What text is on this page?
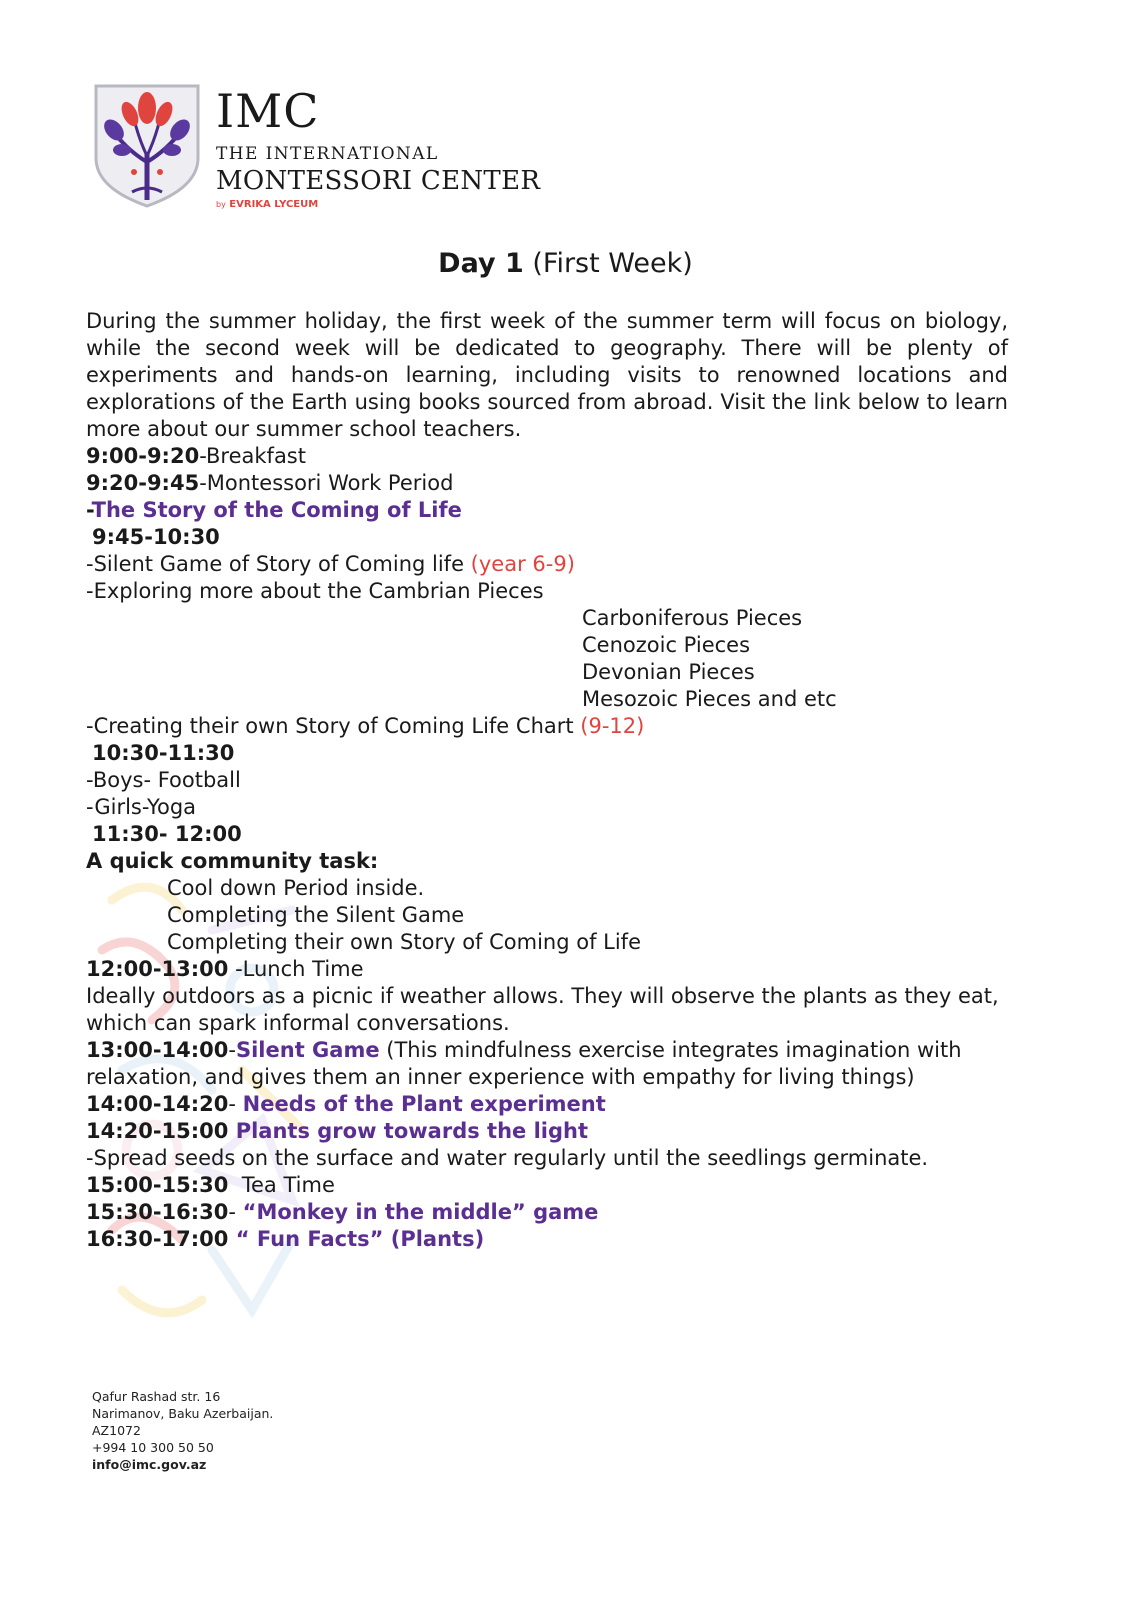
IMC
THE INTERNATIONAL
MONTESSORI CENTER
by EVRIKA LYCEUM
Day 1 (First Week)

During the summer holiday, the first week of the summer term will focus on biology, while the second week will be dedicated to geography. There will be plenty of experiments and hands-on learning, including visits to renowned locations and explorations of the Earth using books sourced from abroad. Visit the link below to learn more about our summer school teachers.

9:00-9:20-Breakfast

9:20-9:45-Montessori Work Period

-The Story of the Coming of Life

9:45-10:30

-Silent Game of Story of Coming life (year 6-9)

-Exploring more about the Cambrian Pieces

Carboniferous Pieces

Cenozoic Pieces

Devonian Pieces

Mesozoic Pieces and etc

-Creating their own Story of Coming Life Chart (9-12)

10:30-11:30

-Boys- Football

-Girls-Yoga

11:30- 12:00

A quick community task:

Cool down Period inside.

Completing the Silent Game

Completing their own Story of Coming of Life

12:00-13:00 -Lunch Time

Ideally outdoors as a picnic if weather allows. They will observe the plants as they eat, which can spark informal conversations.

13:00-14:00-Silent Game (This mindfulness exercise integrates imagination with relaxation, and gives them an inner experience with empathy for living things)

14:00-14:20- Needs of the Plant experiment

14:20-15:00 Plants grow towards the light

-Spread seeds on the surface and water regularly until the seedlings germinate.

15:00-15:30  Tea Time

15:30-16:30- “Monkey in the middle” game

16:30-17:00 “ Fun Facts” (Plants)

Qafur Rashad str. 16
Narimanov, Baku Azerbaijan.
AZ1072
+994 10 300 50 50
info@imc.gov.az
